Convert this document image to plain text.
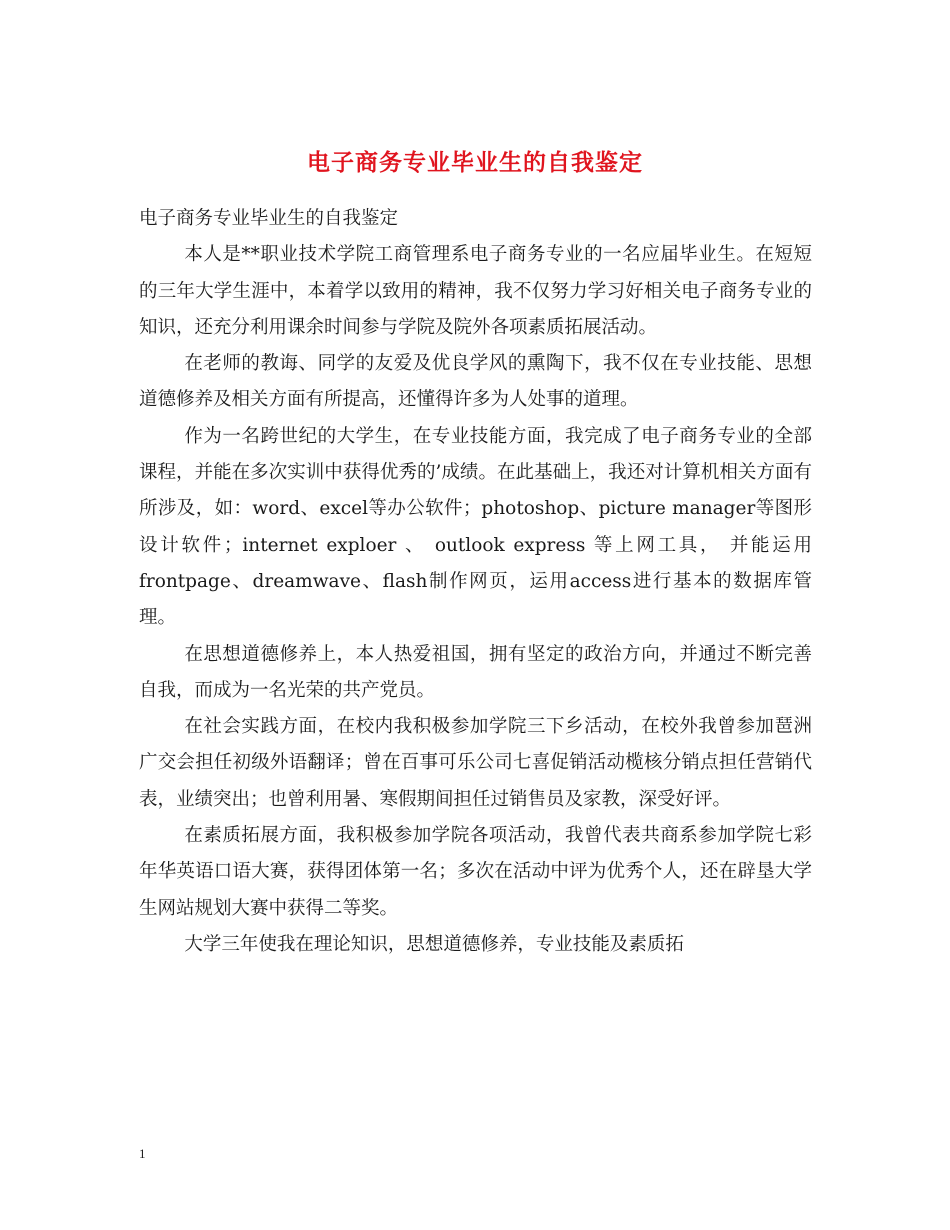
电子商务专业毕业生的自我鉴定

电子商务专业毕业生的自我鉴定

本人是**职业技术学院工商管理系电子商务专业的一名应届毕业生。在短短的三年大学生涯中，本着学以致用的精神，我不仅努力学习好相关电子商务专业的知识，还充分利用课余时间参与学院及院外各项素质拓展活动。

在老师的教诲、同学的友爱及优良学风的熏陶下，我不仅在专业技能、思想道德修养及相关方面有所提高，还懂得许多为人处事的道理。

作为一名跨世纪的大学生，在专业技能方面，我完成了电子商务专业的全部课程，并能在多次实训中获得优秀的’成绩。在此基础上，我还对计算机相关方面有所涉及，如：word、excel等办公软件；photoshop、picture manager等图形设计软件；internet exploer 、 outlook express 等上网工具， 并能运用frontpage、dreamwave、flash制作网页，运用access进行基本的数据库管理。

在思想道德修养上，本人热爱祖国，拥有坚定的政治方向，并通过不断完善自我，而成为一名光荣的共产党员。

在社会实践方面，在校内我积极参加学院三下乡活动，在校外我曾参加琶洲广交会担任初级外语翻译；曾在百事可乐公司七喜促销活动榄核分销点担任营销代表，业绩突出；也曾利用暑、寒假期间担任过销售员及家教，深受好评。

在素质拓展方面，我积极参加学院各项活动，我曾代表共商系参加学院七彩年华英语口语大赛，获得团体第一名；多次在活动中评为优秀个人，还在辟垦大学生网站规划大赛中获得二等奖。

大学三年使我在理论知识，思想道德修养，专业技能及素质拓

1
